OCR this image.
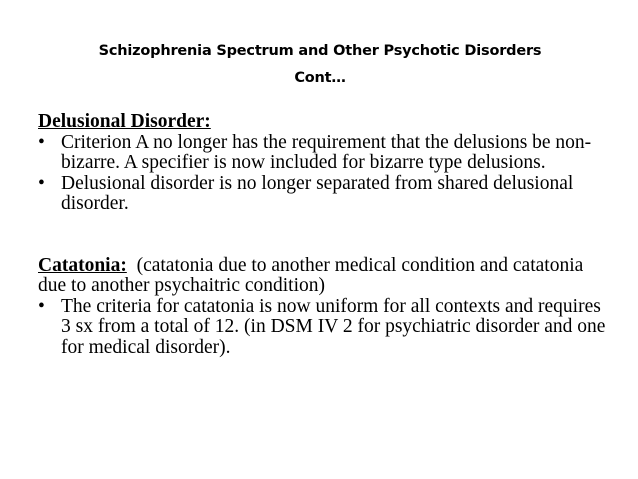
Schizophrenia Spectrum and Other Psychotic Disorders
Cont…
Delusional Disorder:
• Criterion A no longer has the requirement that the delusions be non-bizarre. A specifier is now included for bizarre type delusions.
• Delusional disorder is no longer separated from shared delusional disorder.
Catatonia:  (catatonia due to another medical condition and catatonia due to another psychaitric condition)
• The criteria for catatonia is now uniform for all contexts and requires 3 sx from a total of 12. (in DSM IV 2 for psychiatric disorder and one for medical disorder).
